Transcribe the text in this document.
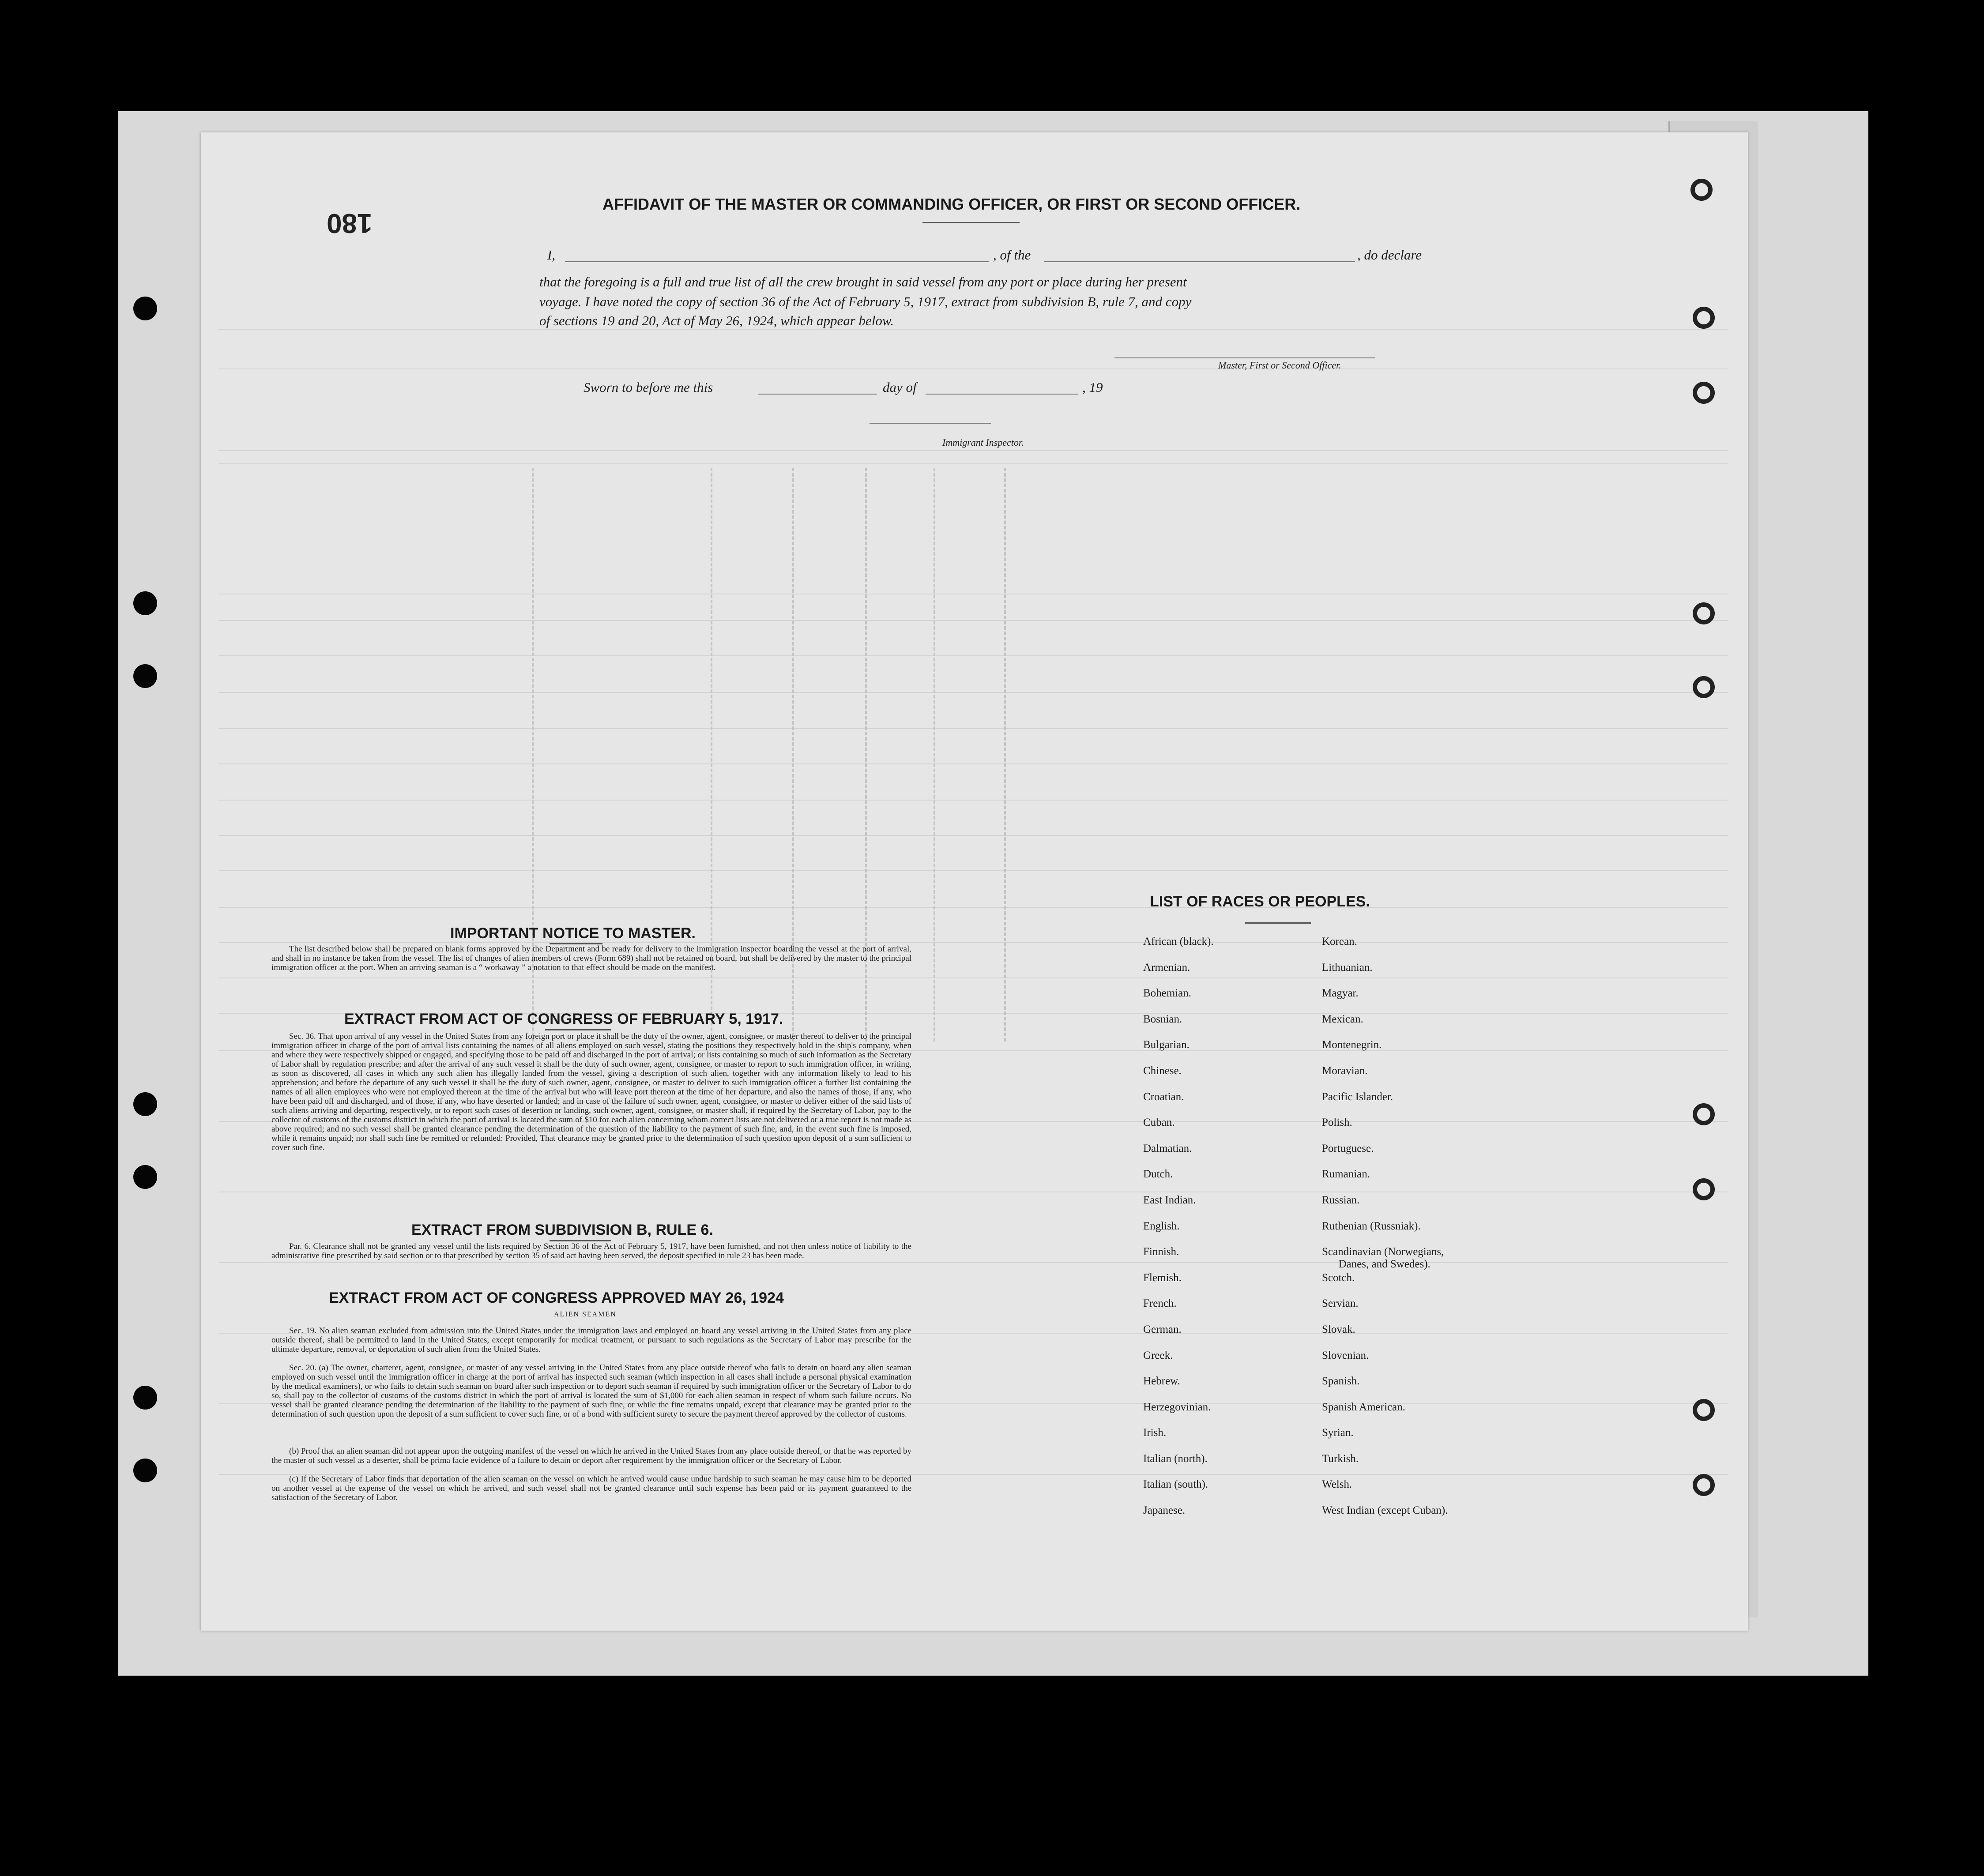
180
AFFIDAVIT OF THE MASTER OR COMMANDING OFFICER, OR FIRST OR SECOND OFFICER.
I,	, of the	, do declare
that the foregoing is a full and true list of all the crew brought in said vessel from any port or place during her present
voyage. I have noted the copy of section 36 of the Act of February 5, 1917, extract from subdivision B, rule 7, and copy
of sections 19 and 20, Act of May 26, 1924, which appear below.
Master, First or Second Officer.
Sworn to before me this	day of	, 19
Immigrant Inspector.
IMPORTANT NOTICE TO MASTER.

The list described below shall be prepared on blank forms approved by the Department and be ready for delivery to the immigration inspector boarding the vessel at the port of arrival, and shall in no instance be taken from the vessel. The list of changes of alien members of crews (Form 689) shall not be retained on board, but shall be delivered by the master to the principal immigration officer at the port. When an arriving seaman is a “ workaway ” a notation to that effect should be made on the manifest.

EXTRACT FROM ACT OF CONGRESS OF FEBRUARY 5, 1917.

Sec. 36. That upon arrival of any vessel in the United States from any foreign port or place it shall be the duty of the owner, agent, consignee, or master thereof to deliver to the principal immigration officer in charge of the port of arrival lists containing the names of all aliens employed on such vessel, stating the positions they respectively hold in the ship's company, when and where they were respectively shipped or engaged, and specifying those to be paid off and discharged in the port of arrival; or lists containing so much of such information as the Secretary of Labor shall by regulation prescribe; and after the arrival of any such vessel it shall be the duty of such owner, agent, consignee, or master to report to such immigration officer, in writing, as soon as discovered, all cases in which any such alien has illegally landed from the vessel, giving a description of such alien, together with any information likely to lead to his apprehension; and before the departure of any such vessel it shall be the duty of such owner, agent, consignee, or master to deliver to such immigration officer a further list containing the names of all alien employees who were not employed thereon at the time of the arrival but who will leave port thereon at the time of her departure, and also the names of those, if any, who have been paid off and discharged, and of those, if any, who have deserted or landed; and in case of the failure of such owner, agent, consignee, or master to deliver either of the said lists of such aliens arriving and departing, respectively, or to report such cases of desertion or landing, such owner, agent, consignee, or master shall, if required by the Secretary of Labor, pay to the collector of customs of the customs district in which the port of arrival is located the sum of $10 for each alien concerning whom correct lists are not delivered or a true report is not made as above required; and no such vessel shall be granted clearance pending the determination of the question of the liability to the payment of such fine, and, in the event such fine is imposed, while it remains unpaid; nor shall such fine be remitted or refunded: Provided, That clearance may be granted prior to the determination of such question upon deposit of a sum sufficient to cover such fine.

EXTRACT FROM SUBDIVISION B, RULE 6.

Par. 6. Clearance shall not be granted any vessel until the lists required by Section 36 of the Act of February 5, 1917, have been furnished, and not then unless notice of liability to the administrative fine prescribed by said section or to that prescribed by section 35 of said act having been served, the deposit specified in rule 23 has been made.

EXTRACT FROM ACT OF CONGRESS APPROVED MAY 26, 1924

ALIEN SEAMEN

Sec. 19. No alien seaman excluded from admission into the United States under the immigration laws and employed on board any vessel arriving in the United States from any place outside thereof, shall be permitted to land in the United States, except temporarily for medical treatment, or pursuant to such regulations as the Secretary of Labor may prescribe for the ultimate departure, removal, or deportation of such alien from the United States.

Sec. 20. (a) The owner, charterer, agent, consignee, or master of any vessel arriving in the United States from any place outside thereof who fails to detain on board any alien seaman employed on such vessel until the immigration officer in charge at the port of arrival has inspected such seaman (which inspection in all cases shall include a personal physical examination by the medical examiners), or who fails to detain such seaman on board after such inspection or to deport such seaman if required by such immigration officer or the Secretary of Labor to do so, shall pay to the collector of customs of the customs district in which the port of arrival is located the sum of $1,000 for each alien seaman in respect of whom such failure occurs. No vessel shall be granted clearance pending the determination of the liability to the payment of such fine, or while the fine remains unpaid, except that clearance may be granted prior to the determination of such question upon the deposit of a sum sufficient to cover such fine, or of a bond with sufficient surety to secure the payment thereof approved by the collector of customs.

(b) Proof that an alien seaman did not appear upon the outgoing manifest of the vessel on which he arrived in the United States from any place outside thereof, or that he was reported by the master of such vessel as a deserter, shall be prima facie evidence of a failure to detain or deport after requirement by the immigration officer or the Secretary of Labor.

(c) If the Secretary of Labor finds that deportation of the alien seaman on the vessel on which he arrived would cause undue hardship to such seaman he may cause him to be deported on another vessel at the expense of the vessel on which he arrived, and such vessel shall not be granted clearance until such expense has been paid or its payment guaranteed to the satisfaction of the Secretary of Labor.

LIST OF RACES OR PEOPLES.
African (black).
Armenian.
Bohemian.
Bosnian.
Bulgarian.
Chinese.
Croatian.
Cuban.
Dalmatian.
Dutch.
East Indian.
English.
Finnish.
Flemish.
French.
German.
Greek.
Hebrew.
Herzegovinian.
Irish.
Italian (north).
Italian (south).
Japanese.
Korean.
Lithuanian.
Magyar.
Mexican.
Montenegrin.
Moravian.
Pacific Islander.
Polish.
Portuguese.
Rumanian.
Russian.
Ruthenian (Russniak).
Scandinavian (Norwegians,
Danes, and Swedes).
Scotch.
Servian.
Slovak.
Slovenian.
Spanish.
Spanish American.
Syrian.
Turkish.
Welsh.
West Indian (except Cuban).
